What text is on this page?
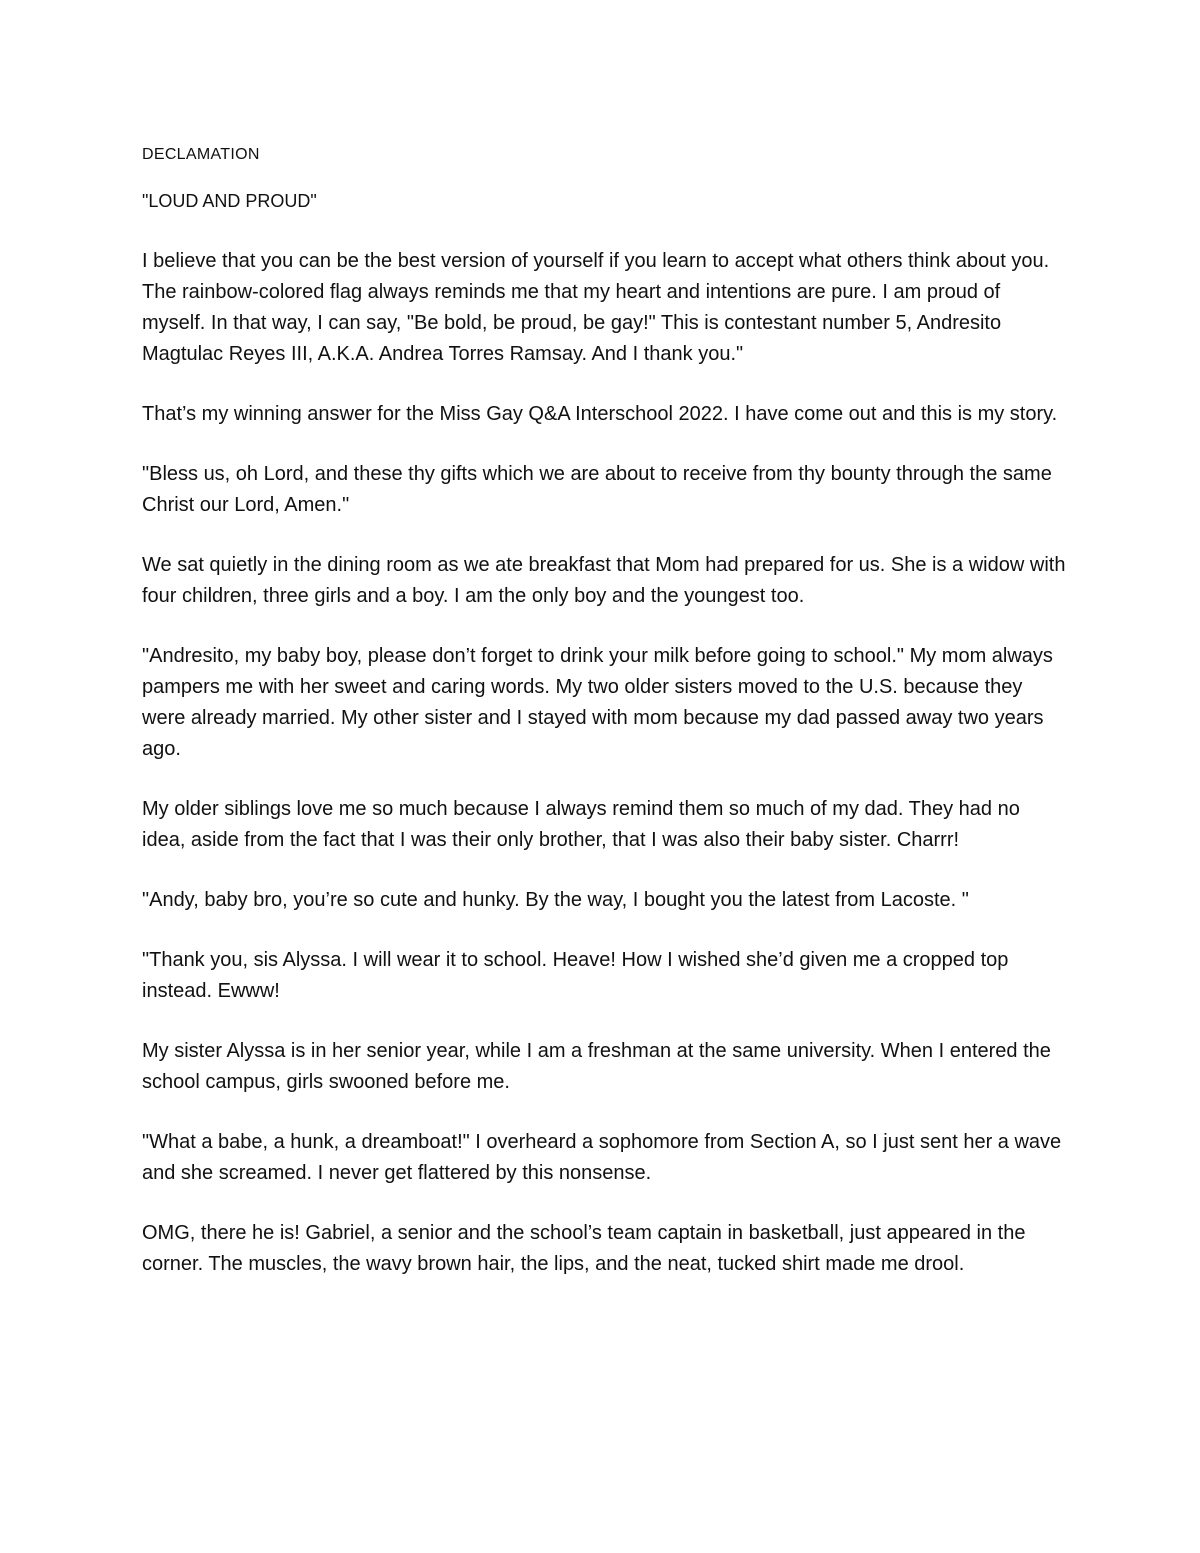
DECLAMATION

"LOUD AND PROUD"

I believe that you can be the best version of yourself if you learn to accept what others think about you. The rainbow-colored flag always reminds me that my heart and intentions are pure. I am proud of myself. In that way, I can say, "Be bold, be proud, be gay!" This is contestant number 5, Andresito Magtulac Reyes III, A.K.A. Andrea Torres Ramsay. And I thank you."

That’s my winning answer for the Miss Gay Q&A Interschool 2022. I have come out and this is my story.

"Bless us, oh Lord, and these thy gifts which we are about to receive from thy bounty through the same Christ our Lord, Amen."

We sat quietly in the dining room as we ate breakfast that Mom had prepared for us. She is a widow with four children, three girls and a boy. I am the only boy and the youngest too.

"Andresito, my baby boy, please don’t forget to drink your milk before going to school." My mom always pampers me with her sweet and caring words. My two older sisters moved to the U.S. because they were already married. My other sister and I stayed with mom because my dad passed away two years ago.

My older siblings love me so much because I always remind them so much of my dad. They had no idea, aside from the fact that I was their only brother, that I was also their baby sister. Charrr!

"Andy, baby bro, you’re so cute and hunky. By the way, I bought you the latest from Lacoste. "

"Thank you, sis Alyssa. I will wear it to school. Heave! How I wished she’d given me a cropped top instead. Ewww!

My sister Alyssa is in her senior year, while I am a freshman at the same university. When I entered the school campus, girls swooned before me.

"What a babe, a hunk, a dreamboat!" I overheard a sophomore from Section A, so I just sent her a wave and she screamed. I never get flattered by this nonsense.

OMG, there he is! Gabriel, a senior and the school’s team captain in basketball, just appeared in the corner. The muscles, the wavy brown hair, the lips, and the neat, tucked shirt made me drool.
